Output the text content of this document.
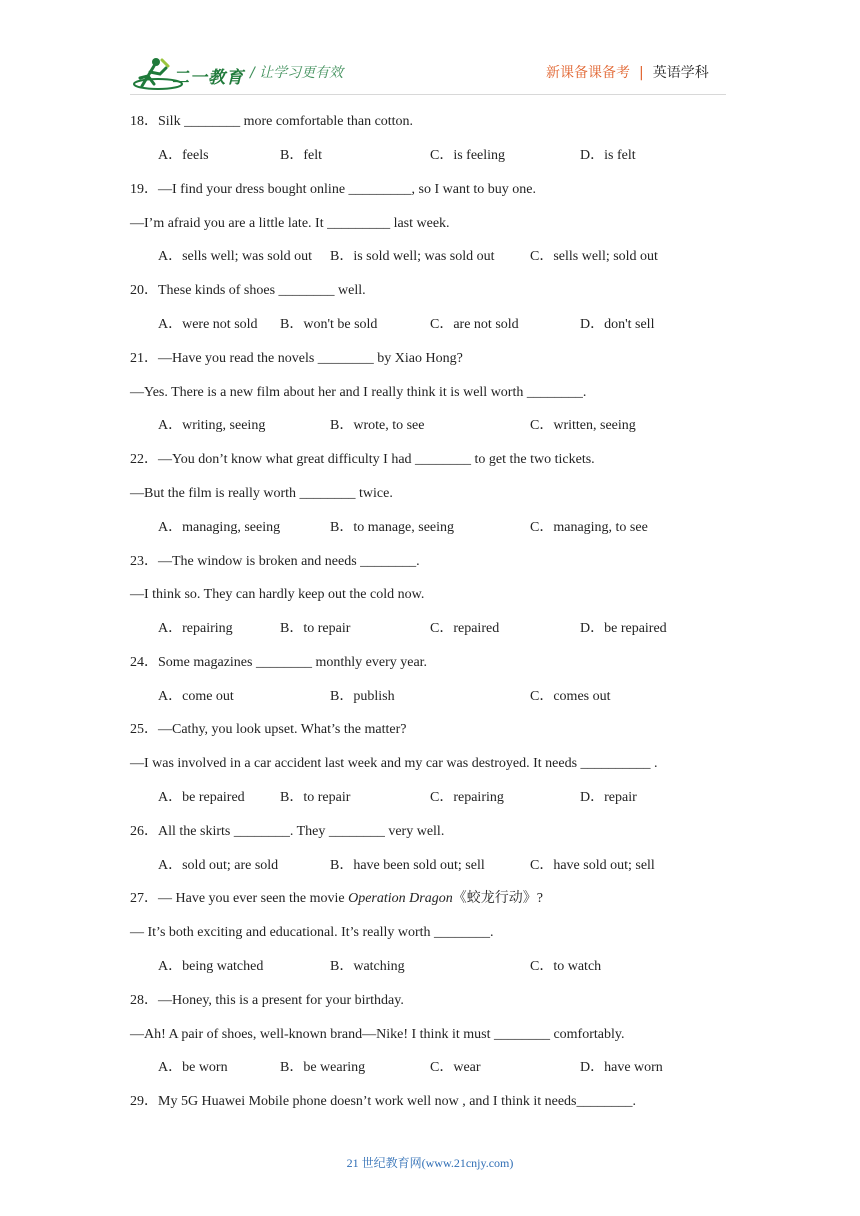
二一教育 / 让学习更有效	新课备课备考 | 英语学科
18．Silk ________ more comfortable than cotton.
A．feels	B．felt	C．is feeling	D．is felt
19．—I find your dress bought online _________, so I want to buy one.
—I’m afraid you are a little late. It _________ last week.
A．sells well; was sold out B．is sold well; was sold out	C．sells well; sold out
20．These kinds of shoes ________ well.
A．were not sold B．won't be sold	C．are not sold	D．don't sell
21．—Have you read the novels ________ by Xiao Hong?
—Yes. There is a new film about her and I really think it is well worth ________.
A．writing, seeing	B．wrote, to see	C．written, seeing
22．—You don’t know what great difficulty I had ________ to get the two tickets.
—But the film is really worth ________ twice.
A．managing, seeing	B．to manage, seeing	C．managing, to see
23．—The window is broken and needs ________.
—I think so. They can hardly keep out the cold now.
A．repairing	B．to repair	C．repaired	D．be repaired
24．Some magazines ________ monthly every year.
A．come out	B．publish	C．comes out
25．—Cathy, you look upset. What’s the matter?
—I was involved in a car accident last week and my car was destroyed. It needs __________ .
A．be repaired	B．to repair	C．repairing	D．repair
26．All the skirts ________. They ________ very well.
A．sold out; are sold	B．have been sold out; sell	C．have sold out; sell
27．— Have you ever seen the movie Operation Dragon《蛟龙行动》?
— It’s both exciting and educational. It’s really worth ________.
A．being watched	B．watching	C．to watch
28．—Honey, this is a present for your birthday.
—Ah! A pair of shoes, well-known brand—Nike! I think it must ________ comfortably.
A．be worn	B．be wearing	C．wear	D．have worn
29．My 5G Huawei Mobile phone doesn’t work well now , and I think it needs________.
21 世纪教育网(www.21cnjy.com)
